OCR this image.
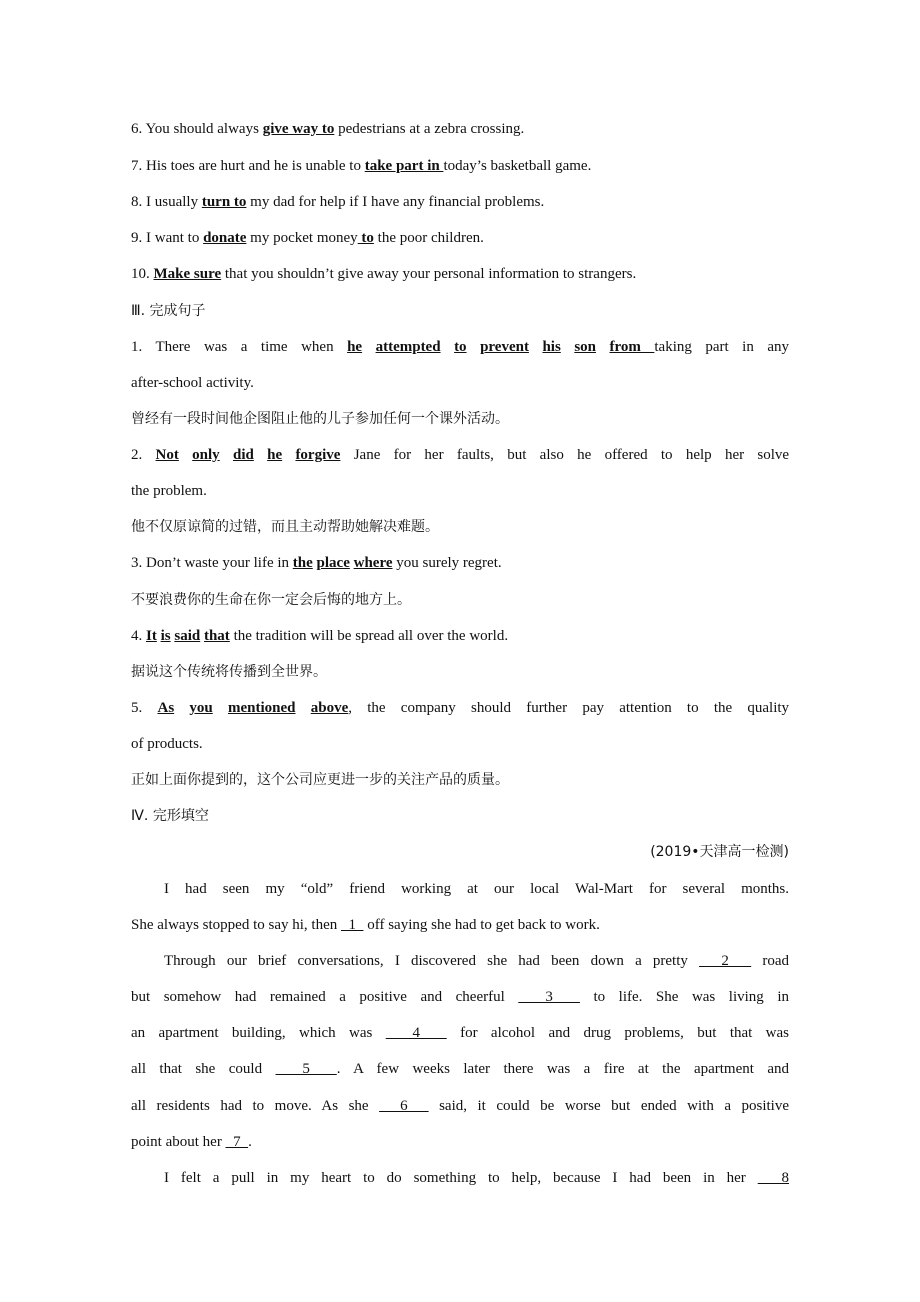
6. You should always give way to pedestrians at a zebra crossing.
7. His toes are hurt and he is unable to take part in today’s basketball game.
8. I usually turn to my dad for help if I have any financial problems.
9. I want to donate my pocket money to the poor children.
10. Make sure that you shouldn’t give away your personal information to strangers.
Ⅲ. 完成句子
1. There was a time when he attempted to prevent his son from taking part in any
after-school activity.
曾经有一段时间他企图阻止他的儿子参加任何一个课外活动。
2. Not only did he forgive Jane for her faults, but also he offered to help her solve
the problem.
他不仅原谅简的过错，而且主动帮助她解决难题。
3. Don’t waste your life in the place where you surely regret.
不要浪费你的生命在你一定会后悔的地方上。
4. It is said that the tradition will be spread all over the world.
据说这个传统将传播到全世界。
5. As you mentioned above, the company should further pay attention to the quality
of products.
正如上面你提到的，这个公司应更进一步的关注产品的质量。
Ⅳ. 完形填空
(2019•天津高一检测)
I had seen my “old” friend working at our local Wal-Mart for several months.
She always stopped to say hi, then   1   off saying she had to get back to work.
Through our brief conversations, I discovered she had been down a pretty   2   road
but somehow had remained a positive and cheerful   3   to life. She was living in
an apartment building, which was   4   for alcohol and drug problems, but that was
all that she could   5  . A few weeks later there was a fire at the apartment and
all residents had to move. As she   6   said, it could be worse but ended with a positive
point about her   7  .
I felt a pull in my heart to do something to help, because I had been in her   8
